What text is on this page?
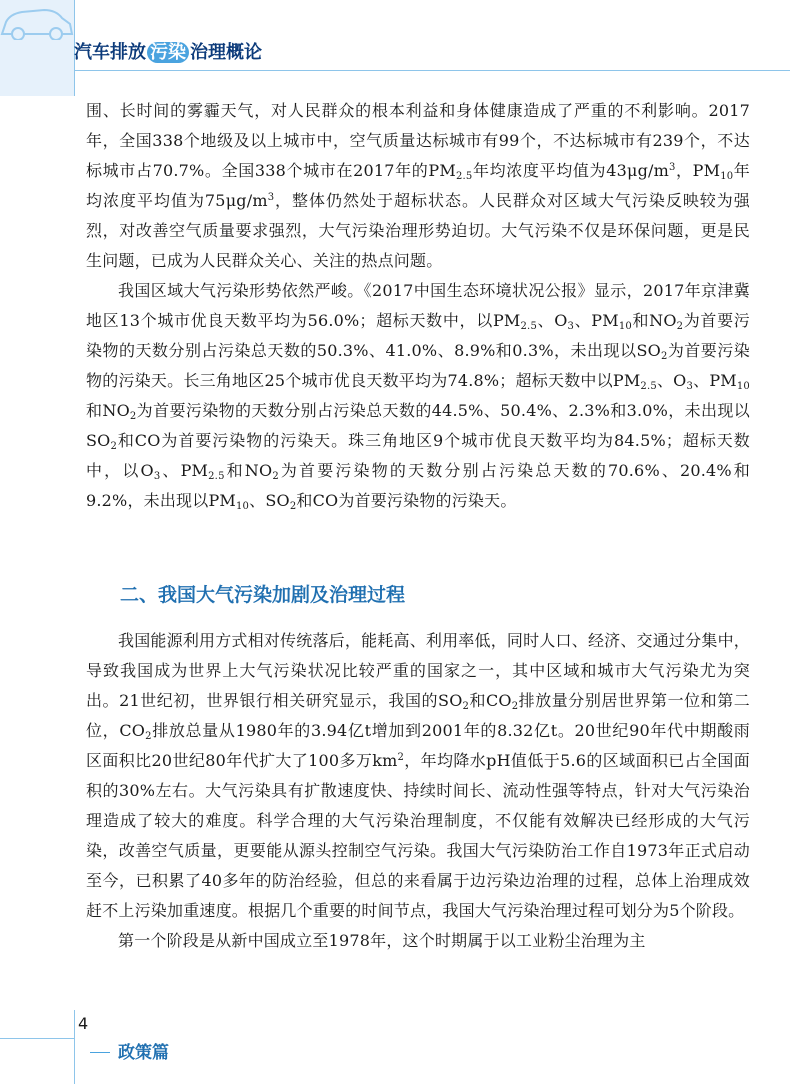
汽车排放 污染 治理概论

围、长时间的雾霾天气，对人民群众的根本利益和身体健康造成了严重的不利影响。2017年，全国338个地级及以上城市中，空气质量达标城市有99个，不达标城市有239个，不达标城市占70.7%。全国338个城市在2017年的$PM_{2.5}$年均浓度平均值为$43\mu g/m^3$，$PM_{10}$年均浓度平均值为$75\mu g/m^3$，整体仍然处于超标状态。人民群众对区域大气污染反映较为强烈，对改善空气质量要求强烈，大气污染治理形势迫切。大气污染不仅是环保问题，更是民生问题，已成为人民群众关心、关注的热点问题。

我国区域大气污染形势依然严峻。《2017中国生态环境状况公报》显示，2017年京津冀地区13个城市优良天数平均为56.0%；超标天数中，以$PM_{2.5}$、$O_3$、$PM_{10}$和$NO_2$为首要污染物的天数分别占污染总天数的50.3%、41.0%、8.9%和0.3%，未出现以$SO_2$为首要污染物的污染天。长三角地区25个城市优良天数平均为74.8%；超标天数中以$PM_{2.5}$、$O_3$、$PM_{10}$和$NO_2$为首要污染物的天数分别占污染总天数的44.5%、50.4%、2.3%和3.0%，未出现以$SO_2$和CO为首要污染物的污染天。珠三角地区9个城市优良天数平均为84.5%；超标天数中，以$O_3$、$PM_{2.5}$和$NO_2$为首要污染物的天数分别占污染总天数的70.6%、20.4%和9.2%，未出现以$PM_{10}$、$SO_2$和CO为首要污染物的污染天。

二、我国大气污染加剧及治理过程

我国能源利用方式相对传统落后，能耗高、利用率低，同时人口、经济、交通过分集中，导致我国成为世界上大气污染状况比较严重的国家之一，其中区域和城市大气污染尤为突出。21世纪初，世界银行相关研究显示，我国的$SO_2$和$CO_2$排放量分别居世界第一位和第二位，$CO_2$排放总量从1980年的3.94亿t增加到2001年的8.32亿t。20世纪90年代中期酸雨区面积比20世纪80年代扩大了100多万$km^2$，年均降水pH值低于5.6的区域面积已占全国面积的30%左右。大气污染具有扩散速度快、持续时间长、流动性强等特点，针对大气污染治理造成了较大的难度。科学合理的大气污染治理制度，不仅能有效解决已经形成的大气污染，改善空气质量，更要能从源头控制空气污染。我国大气污染防治工作自1973年正式启动至今，已积累了40多年的防治经验，但总的来看属于边污染边治理的过程，总体上治理成效赶不上污染加重速度。根据几个重要的时间节点，我国大气污染治理过程可划分为5个阶段。

第一个阶段是从新中国成立至1978年，这个时期属于以工业粉尘治理为主

4
政策篇
